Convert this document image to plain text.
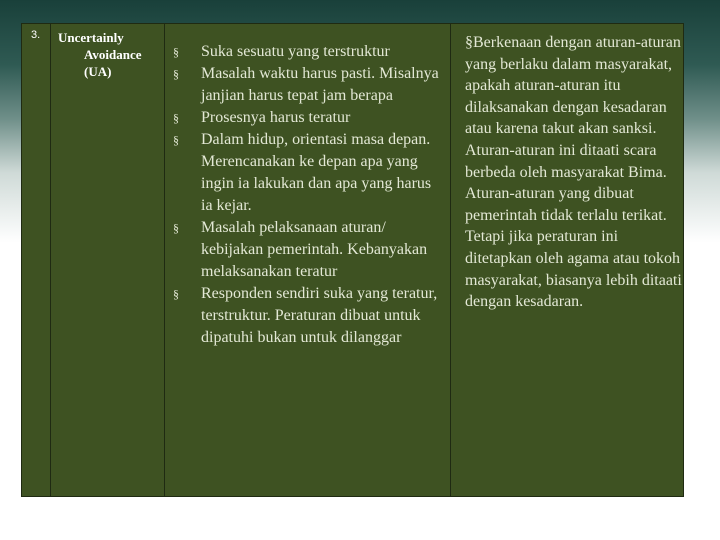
3. Uncertainly
Avoidance
(UA)
§ Suka sesuatu yang terstruktur
§ Masalah waktu harus pasti. Misalnya janjian harus tepat jam berapa
§ Prosesnya harus teratur
§ Dalam hidup, orientasi masa depan. Merencanakan ke depan apa yang ingin ia lakukan dan apa yang harus ia kejar.
§ Masalah pelaksanaan aturan/ kebijakan pemerintah. Kebanyakan melaksanakan teratur
§ Responden sendiri suka yang teratur, terstruktur. Peraturan dibuat untuk dipatuhi bukan untuk dilanggar

§Berkenaan dengan aturan-aturan yang berlaku dalam masyarakat, apakah aturan-aturan itu dilaksanakan dengan kesadaran atau karena takut akan sanksi. Aturan-aturan ini ditaati scara berbeda oleh masyarakat Bima. Aturan-aturan yang dibuat pemerintah tidak terlalu terikat. Tetapi jika peraturan ini ditetapkan oleh agama atau tokoh masyarakat, biasanya lebih ditaati dengan kesadaran.
